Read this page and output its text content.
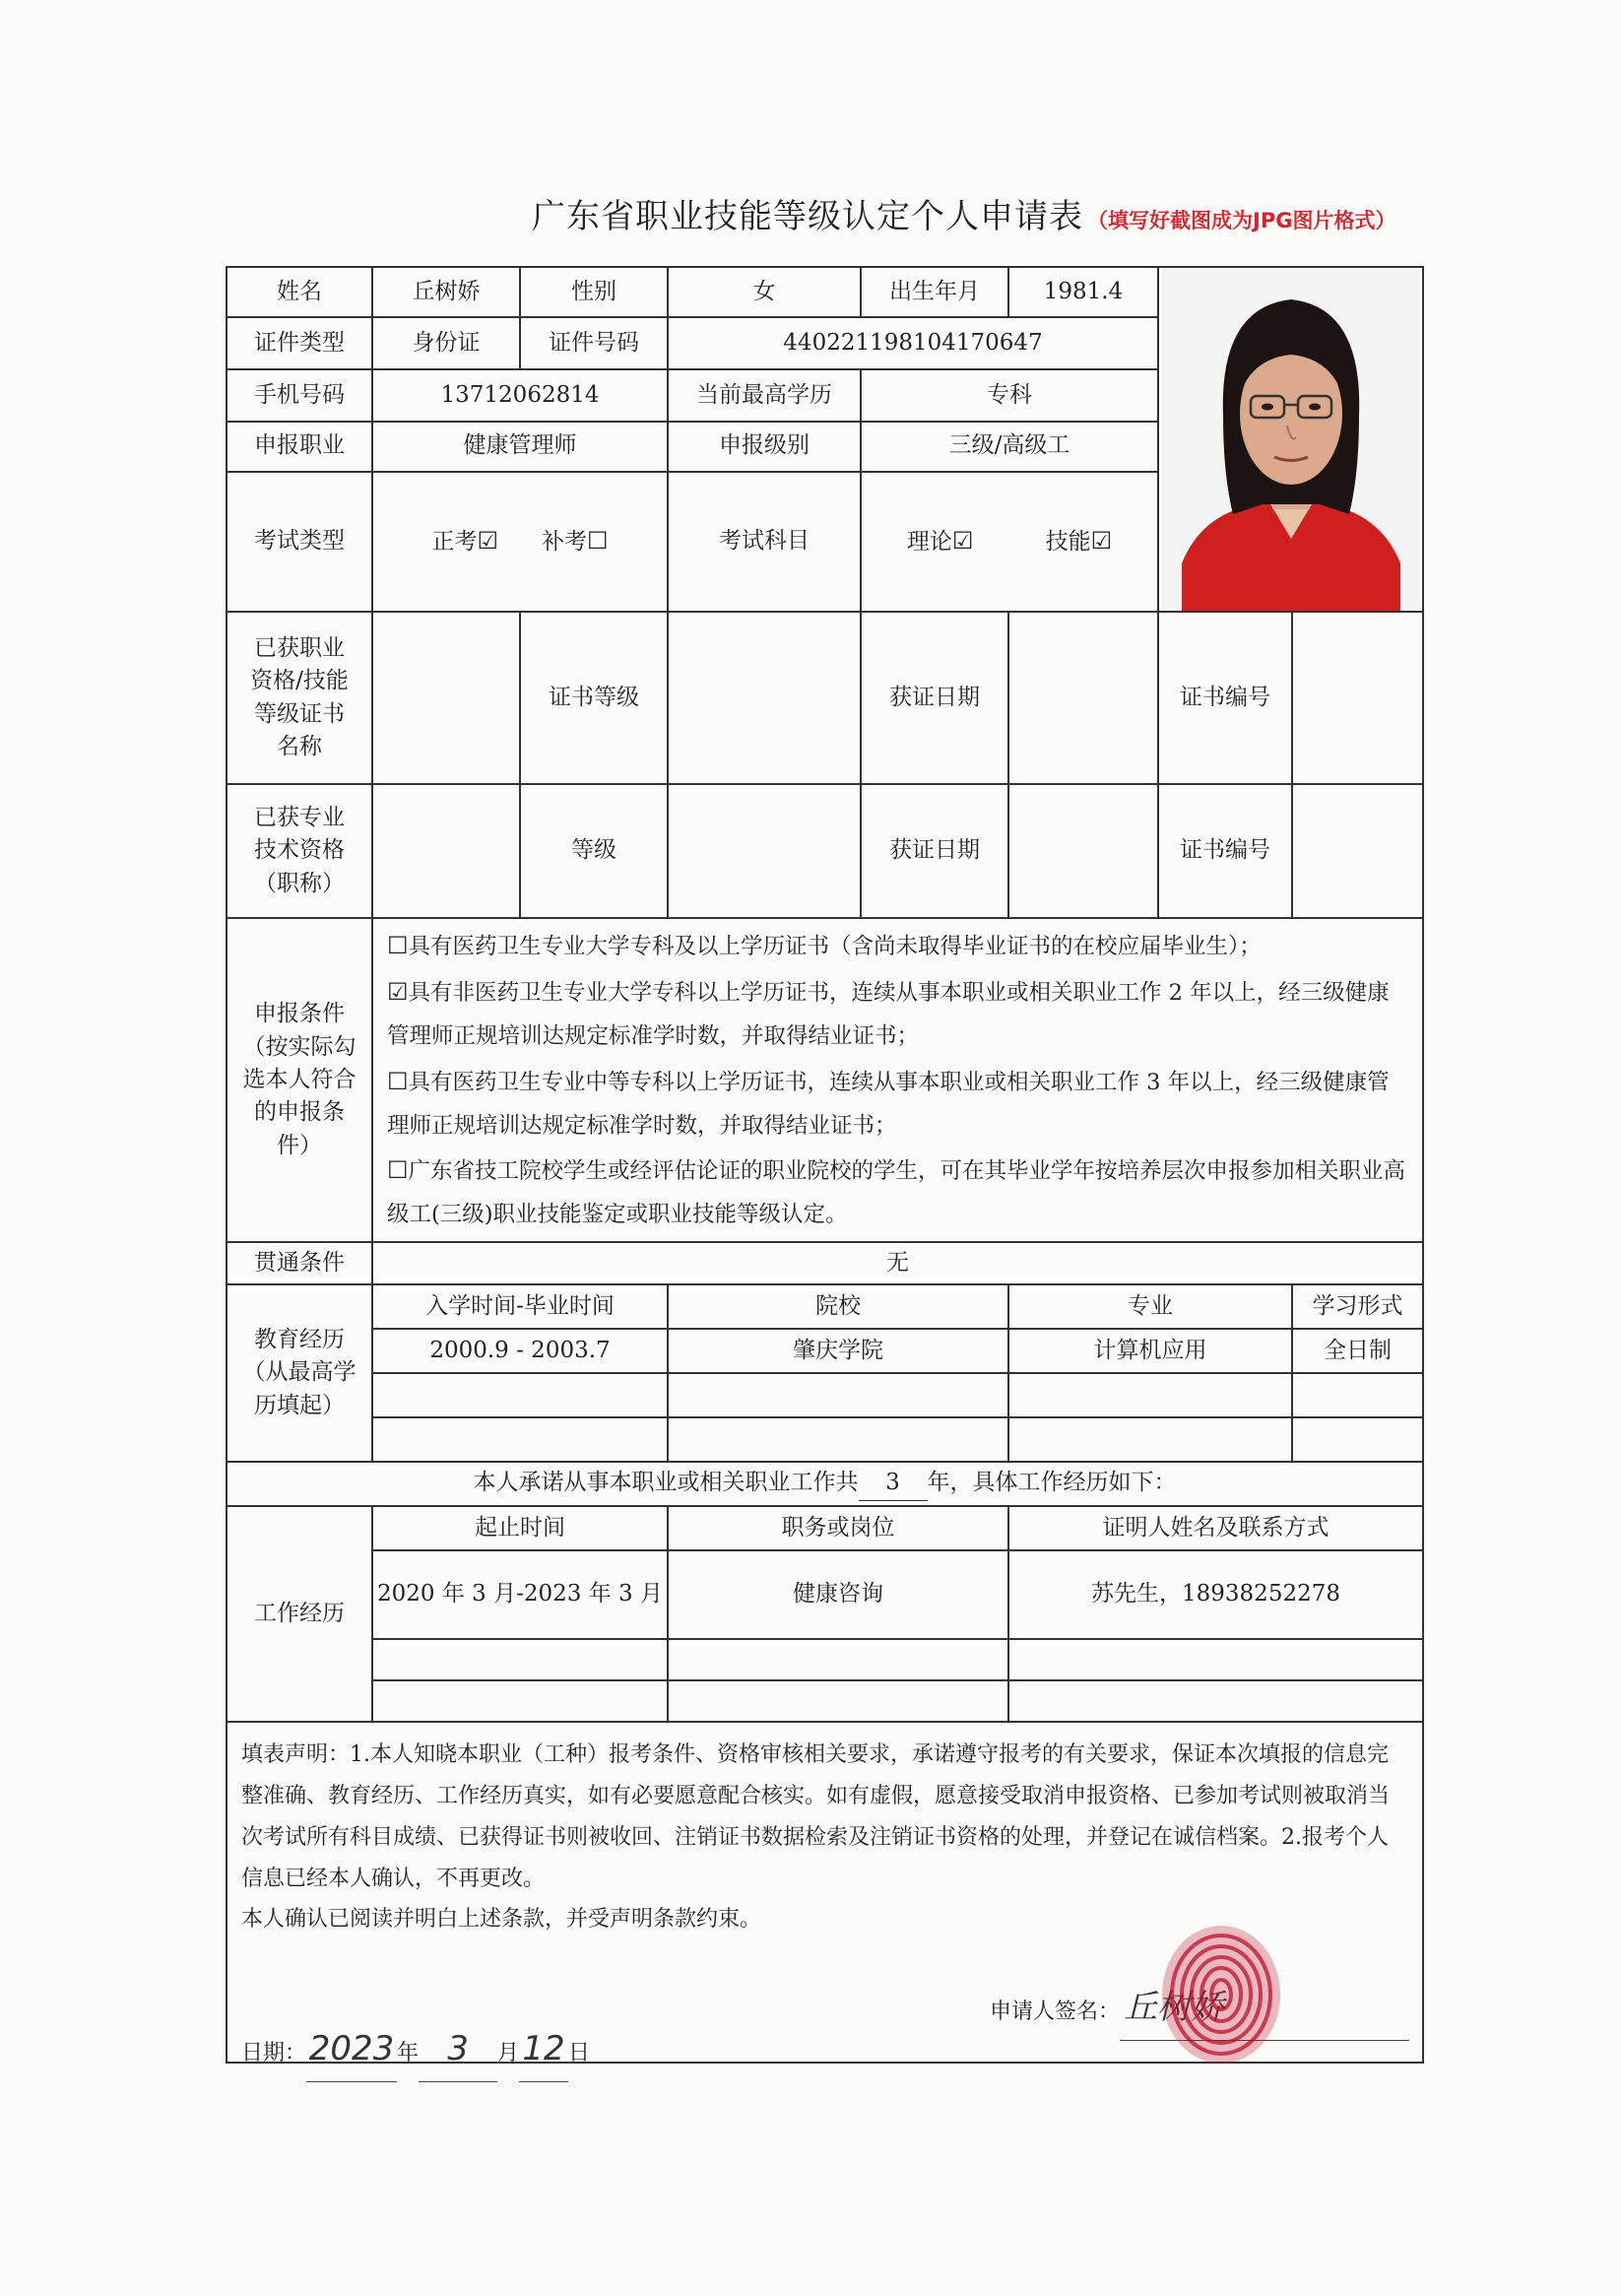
广东省职业技能等级认定个人申请表 （填写好截图成为JPG图片格式）
姓名	丘树娇	性别	女	出生年月	1981.4	

证件类型	身份证	证件号码	440221198104170647				
手机号码	13712062814		当前最高学历	专科			
申报职业	健康管理师		申报级别	三级/高级工			
考试类型	正考☑ 补考☐		考试科目	理论☑ 技能☑			
已获职业资格/技能等级证书名称		证书等级		获证日期		证书编号	
已获专业技术资格（职称）		等级		获证日期		证书编号	
申报条件（按实际勾选本人符合的申报条件）	☐具有医药卫生专业大学专科及以上学历证书（含尚未取得毕业证书的在校应届毕业生）；
☑具有非医药卫生专业大学专科以上学历证书，连续从事本职业或相关职业工作 2 年以上，经三级健康管理师正规培训达规定标准学时数，并取得结业证书；
☐具有医药卫生专业中等专科以上学历证书，连续从事本职业或相关职业工作 3 年以上，经三级健康管理师正规培训达规定标准学时数，并取得结业证书；
☐广东省技工院校学生或经评估论证的职业院校的学生，可在其毕业学年按培养层次申报参加相关职业高级工(三级)职业技能鉴定或职业技能等级认定。						

贯通条件	无						
教育经历（从最高学历填起）	入学时间-毕业时间		院校		专业		学习形式
	2000.9 - 2003.7		肇庆学院		计算机应用		全日制

本人承诺从事本职业或相关职业工作共 3 年，具体工作经历如下：							
工作经历	起止时间		职务或岗位		证明人姓名及联系方式		
	2020 年 3 月-2023 年 3 月		健康咨询		苏先生，18938252278		

填表声明：1.本人知晓本职业（工种）报考条件、资格审核相关要求，承诺遵守报考的有关要求，保证本次填报的信息完整准确、教育经历、工作经历真实，如有必要愿意配合核实。如有虚假，愿意接受取消申报资格、已参加考试则被取消当次考试所有科目成绩、已获得证书则被收回、注销证书数据检索及注销证书资格的处理，并登记在诚信档案。2.报考个人信息已经本人确认，不再更改。
本人确认已阅读并明白上述条款，并受声明条款约束。
申请人签名： 丘树娇
日期：2023 年 3 月12 日							
